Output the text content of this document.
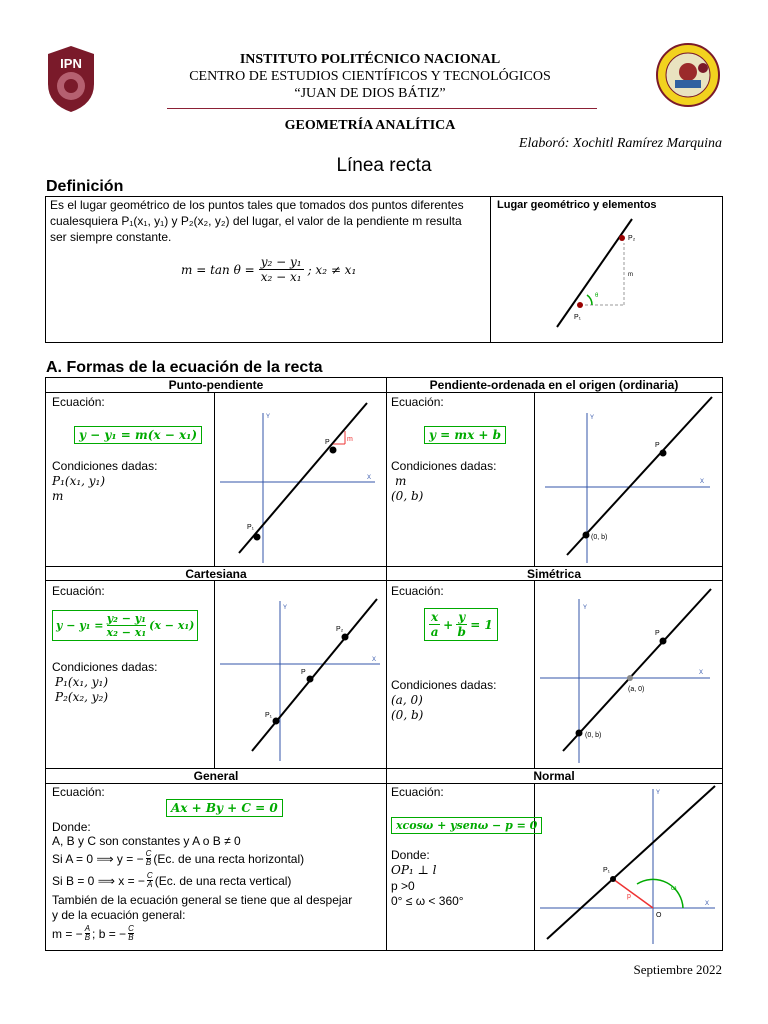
IPN	INSTITUTO POLITÉCNICO NACIONAL
CENTRO DE ESTUDIOS CIENTÍFICOS Y TECNOLÓGICOS
“JUAN DE DIOS BÁTIZ”
GEOMETRÍA ANALÍTICA
Elaboró: Xochitl Ramírez Marquina
Línea recta
Definición
Es el lugar geométrico de los puntos tales que tomados dos puntos diferentes
cualesquiera P₁(x₁, y₁) y P₂(x₂, y₂) del lugar, el valor de la pendiente m resulta
ser siempre constante.
$m = \tan \theta = \frac{\text{y₂ − y₁}}{\text{x₂ − x₁}}$ ; x₂ ≠ x₁
Lugar geométrico y elementos
P₁
P₂
m
θ
A. Formas de la ecuación de la recta
Punto-pendiente
Ecuación:
y − y₁ = m(x − x₁)
Condiciones dadas:
P₁(x₁, y₁)
m
Y
X
P
P₁
m
Pendiente-ordenada en el origen (ordinaria)
Ecuación:
y = mx + b
Condiciones dadas:
m
(0, b)
Y
X
P
(0, b)
Cartesiana
Ecuación:
$y - y_1 = \frac{\text{y₂ − y₁}}{\text{x₂ − x₁}} (x - x_1)$
Condiciones dadas:
P₁(x₁, y₁)
P₂(x₂, y₂)
Y
X
P₂
P
P₁
Simétrica
Ecuación:
x
a
+ $\frac{y}{b} = 1$
Condiciones dadas:
(a, 0)
(0, b)
Y
X
P
(a, 0)
(0, b)
General
Ecuación:
Ax + By + C = 0
Donde:
A, B y C son constantes y A o B ≠ 0
Si A = 0 ⟹ y = − $\frac{C}{B} (Ec$. de una recta horizontal)
Si B = 0 ⟹ x = − $\frac{C}{A} (Ec$. de una recta vertical)
También de la ecuación general se tiene que al despejar
y de la ecuación general:
m = − $\frac{A}{B}$ ; b = − $\frac{C}{B}$
Normal
Ecuación:
xcosω + ysenω − p = 0
Donde:
OP₁ ⊥ l
p >0
0° ≤ ω < 360°
Y
X
P₁
p
ω
O
Septiembre 2022
